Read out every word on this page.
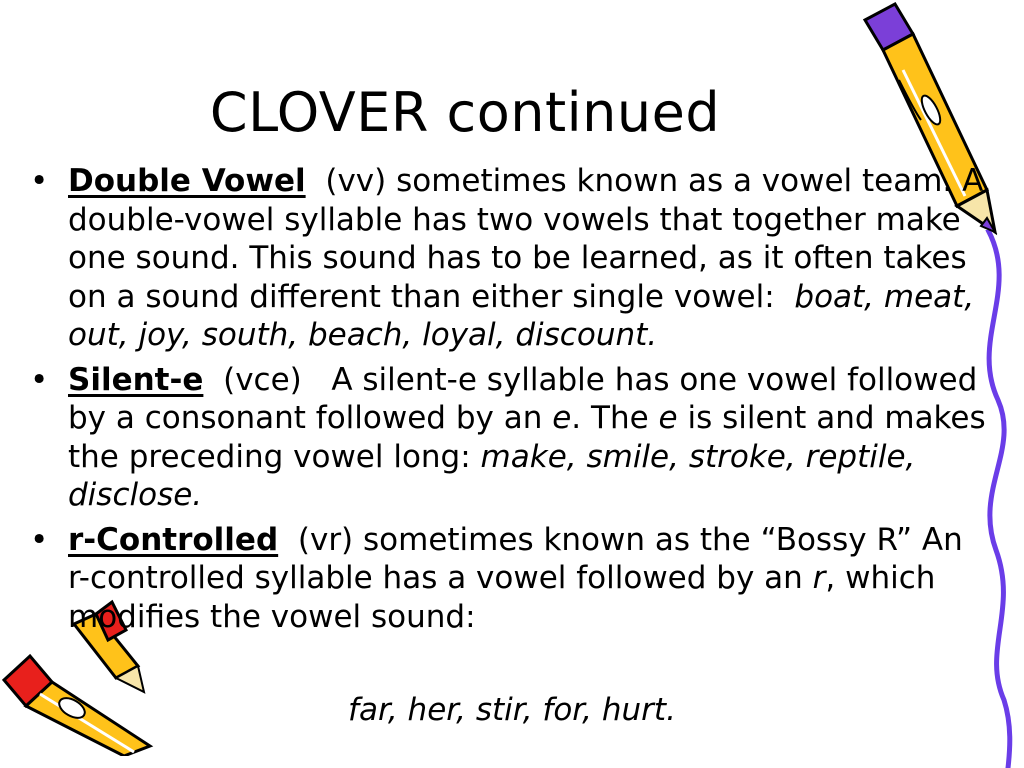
CLOVER continued
• Double Vowel (vv) sometimes known as a vowel team. A double-vowel syllable has two vowels that together make one sound. This sound has to be learned, as it often takes on a sound different than either single vowel: boat, meat, out, joy, south, beach, loyal, discount.
• Silent-e (vce) A silent-e syllable has one vowel followed by a consonant followed by an e. The e is silent and makes the preceding vowel long: make, smile, stroke, reptile, disclose.
• r-Controlled (vr) sometimes known as the “Bossy R” An r-controlled syllable has a vowel followed by an r, which modifies the vowel sound:
far, her, stir, for, hurt.
